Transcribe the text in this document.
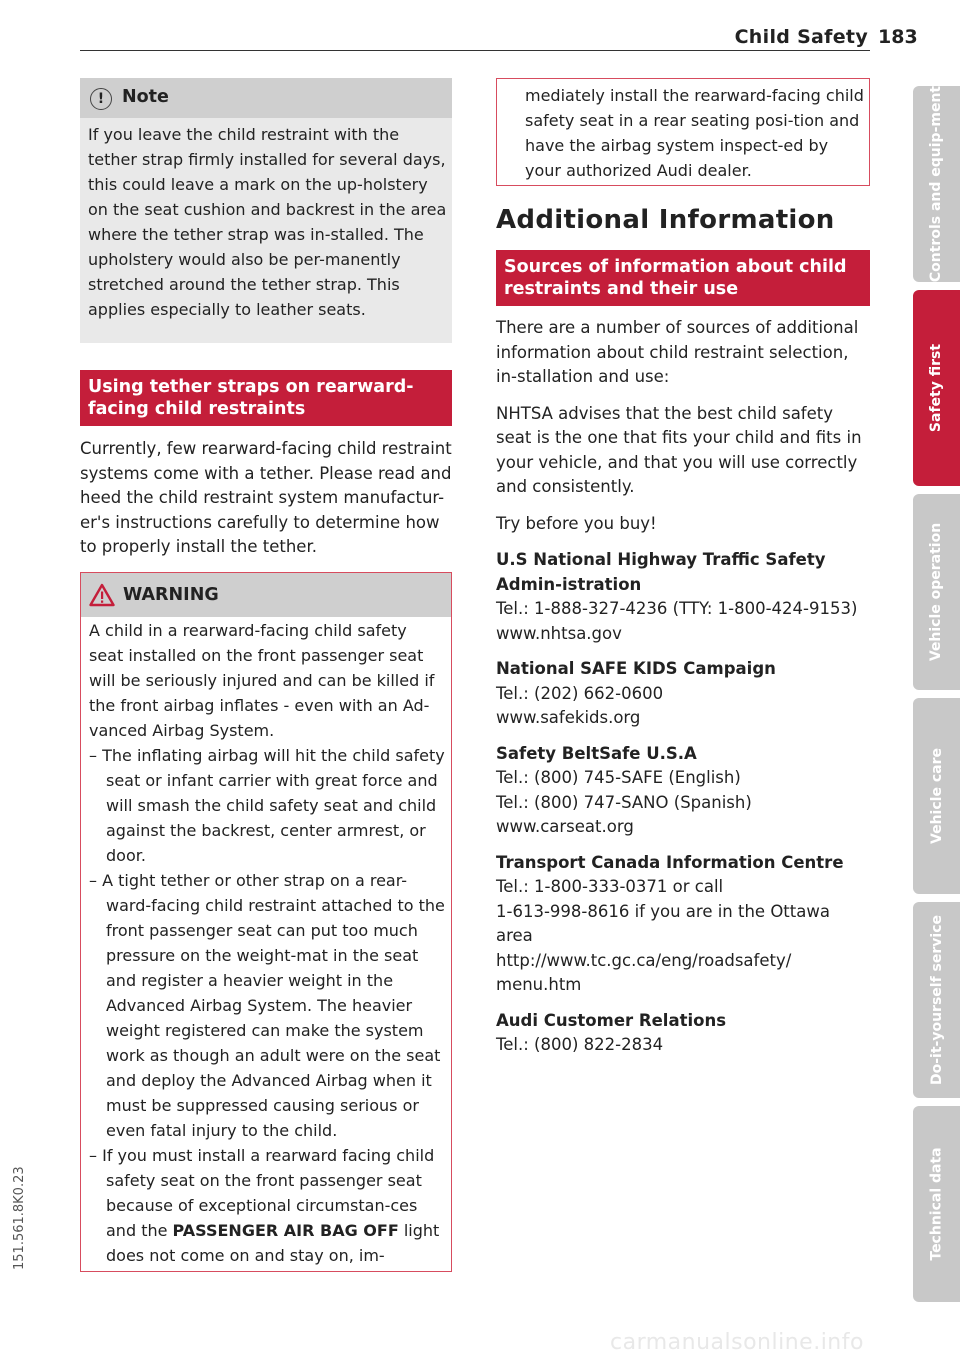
Child Safety 183
!	Note
If you leave the child restraint with the tether strap firmly installed for several days, this could leave a mark on the up-holstery on the seat cushion and backrest in the area where the tether strap was in-stalled. The upholstery would also be per-manently stretched around the tether strap. This applies especially to leather seats.
Using tether straps on rearward-facing child restraints
Currently, few rearward-facing child restraint systems come with a tether. Please read and heed the child restraint system manufactur-er's instructions carefully to determine how to properly install the tether.
WARNING

A child in a rearward-facing child safety seat installed on the front passenger seat will be seriously injured and can be killed if the front airbag inflates - even with an Ad-vanced Airbag System.

– The inflating airbag will hit the child safety seat or infant carrier with great force and will smash the child safety seat and child against the backrest, center armrest, or door.
– A tight tether or other strap on a rear-ward-facing child restraint attached to the front passenger seat can put too much pressure on the weight-mat in the seat and register a heavier weight in the Advanced Airbag System. The heavier weight registered can make the system work as though an adult were on the seat and deploy the Advanced Airbag when it must be suppressed causing serious or even fatal injury to the child.
– If you must install a rearward facing child safety seat on the front passenger seat because of exceptional circumstan-ces and the PASSENGER AIR BAG OFF light does not come on and stay on, im-
mediately install the rearward-facing child safety seat in a rear seating posi-tion and have the airbag system inspect-ed by your authorized Audi dealer.
Additional Information
Sources of information about child restraints and their use

There are a number of sources of additional information about child restraint selection, in-stallation and use:

NHTSA advises that the best child safety seat is the one that fits your child and fits in your vehicle, and that you will use correctly and consistently.

Try before you buy!

U.S National Highway Traffic Safety Admin-istration
Tel.: 1-888-327-4236 (TTY: 1-800-424-9153)
www.nhtsa.gov
National SAFE KIDS Campaign
Tel.: (202) 662-0600
www.safekids.org
Safety BeltSafe U.S.A
Tel.: (800) 745-SAFE (English)
Tel.: (800) 747-SANO (Spanish)
www.carseat.org
Transport Canada Information Centre
Tel.: 1-800-333-0371 or call
1-613-998-8616 if you are in the Ottawa area
http://www.tc.gc.ca/eng/roadsafety/
menu.htm
Audi Customer Relations
Tel.: (800) 822-2834
Controls and equip-ment
Safety first
Vehicle operation
Vehicle care
Do-it-yourself service
Technical data
151.561.8K0.23
carmanualsonline.info
